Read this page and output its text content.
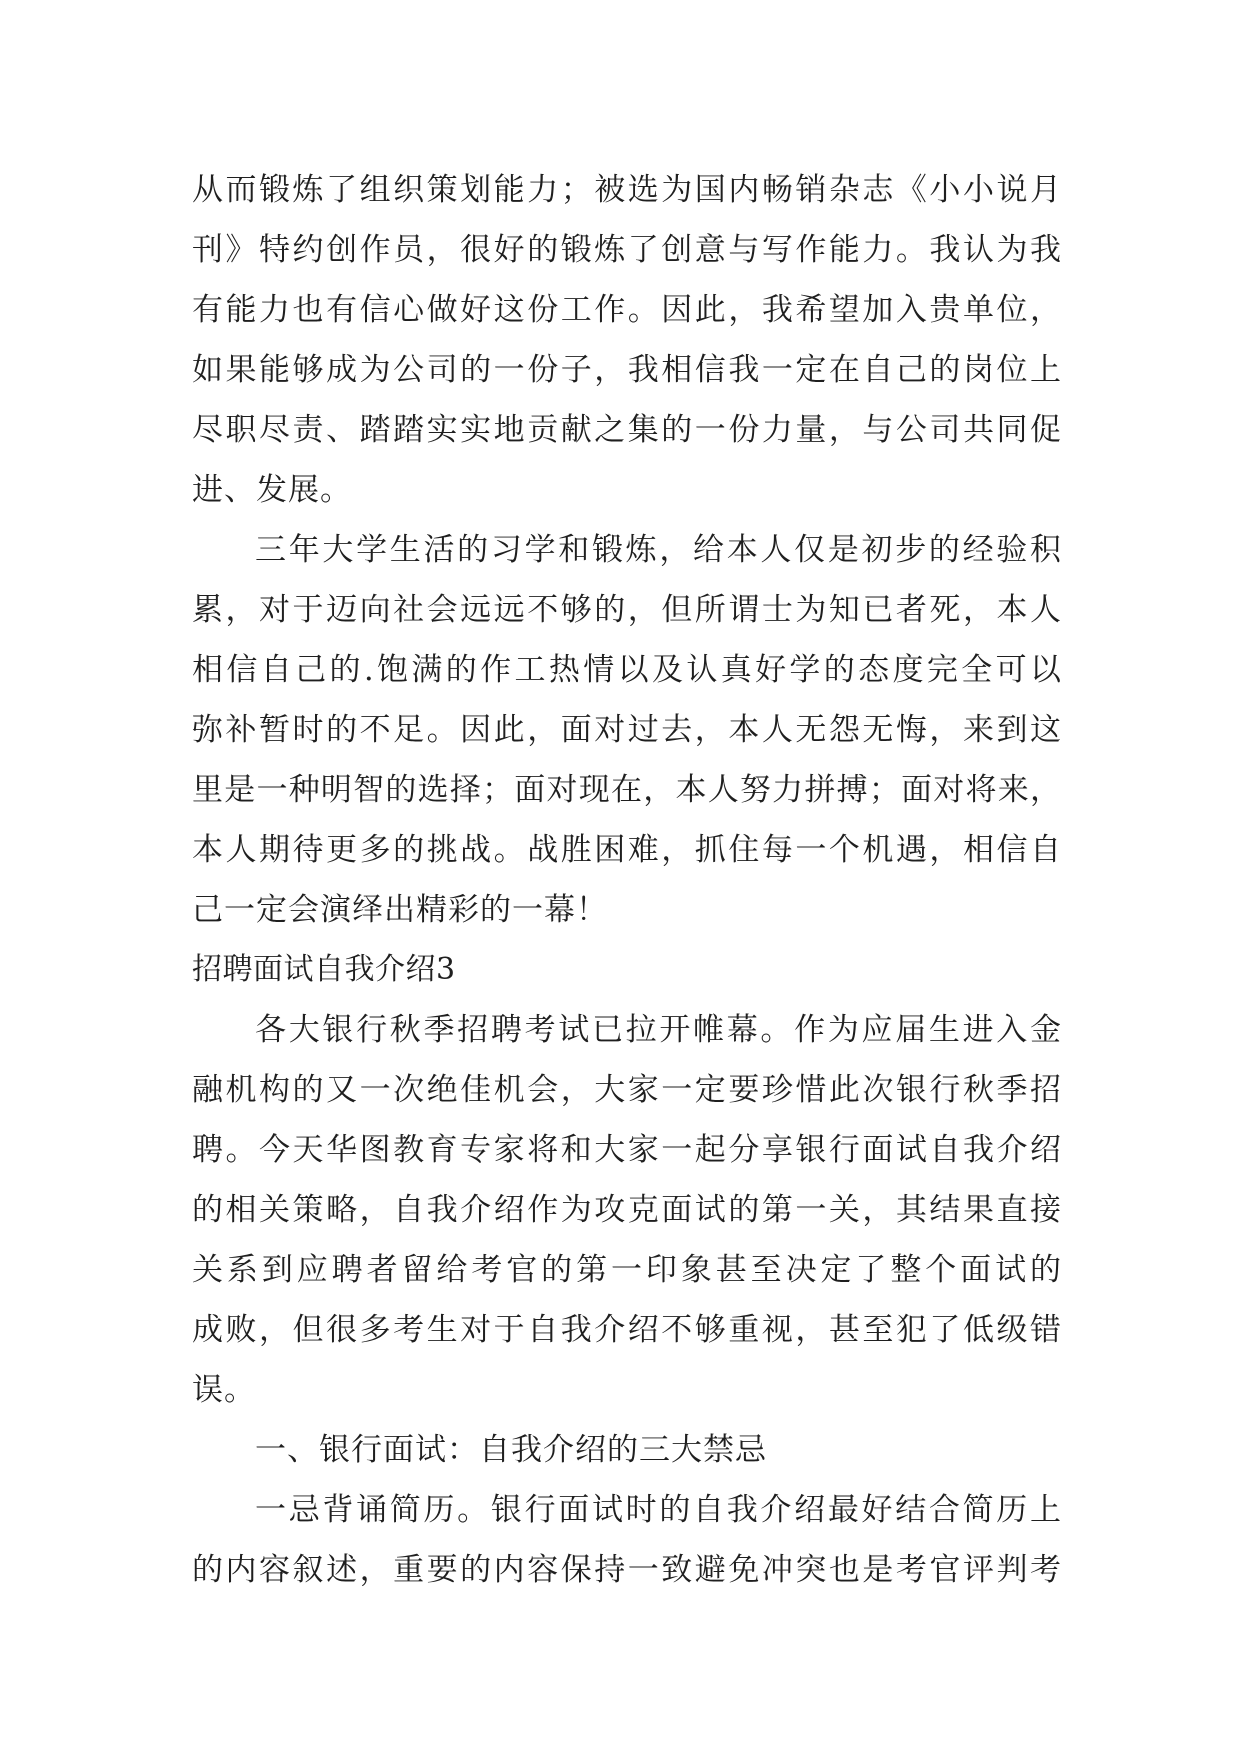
从而锻炼了组织策划能力；被选为国内畅销杂志《小小说月
刊》特约创作员，很好的锻炼了创意与写作能力。我认为我
有能力也有信心做好这份工作。因此，我希望加入贵单位，
如果能够成为公司的一份子，我相信我一定在自己的岗位上
尽职尽责、踏踏实实地贡献之集的一份力量，与公司共同促
进、发展。
三年大学生活的习学和锻炼，给本人仅是初步的经验积
累，对于迈向社会远远不够的，但所谓士为知已者死，本人
相信自己的.饱满的作工热情以及认真好学的态度完全可以
弥补暂时的不足。因此，面对过去，本人无怨无悔，来到这
里是一种明智的选择；面对现在，本人努力拼搏；面对将来，
本人期待更多的挑战。战胜困难，抓住每一个机遇，相信自
己一定会演绎出精彩的一幕！
招聘面试自我介绍3
各大银行秋季招聘考试已拉开帷幕。作为应届生进入金
融机构的又一次绝佳机会，大家一定要珍惜此次银行秋季招
聘。今天华图教育专家将和大家一起分享银行面试自我介绍
的相关策略，自我介绍作为攻克面试的第一关，其结果直接
关系到应聘者留给考官的第一印象甚至决定了整个面试的
成败，但很多考生对于自我介绍不够重视，甚至犯了低级错
误。
一、银行面试：自我介绍的三大禁忌
一忌背诵简历。银行面试时的自我介绍最好结合简历上
的内容叙述，重要的内容保持一致避免冲突也是考官评判考
